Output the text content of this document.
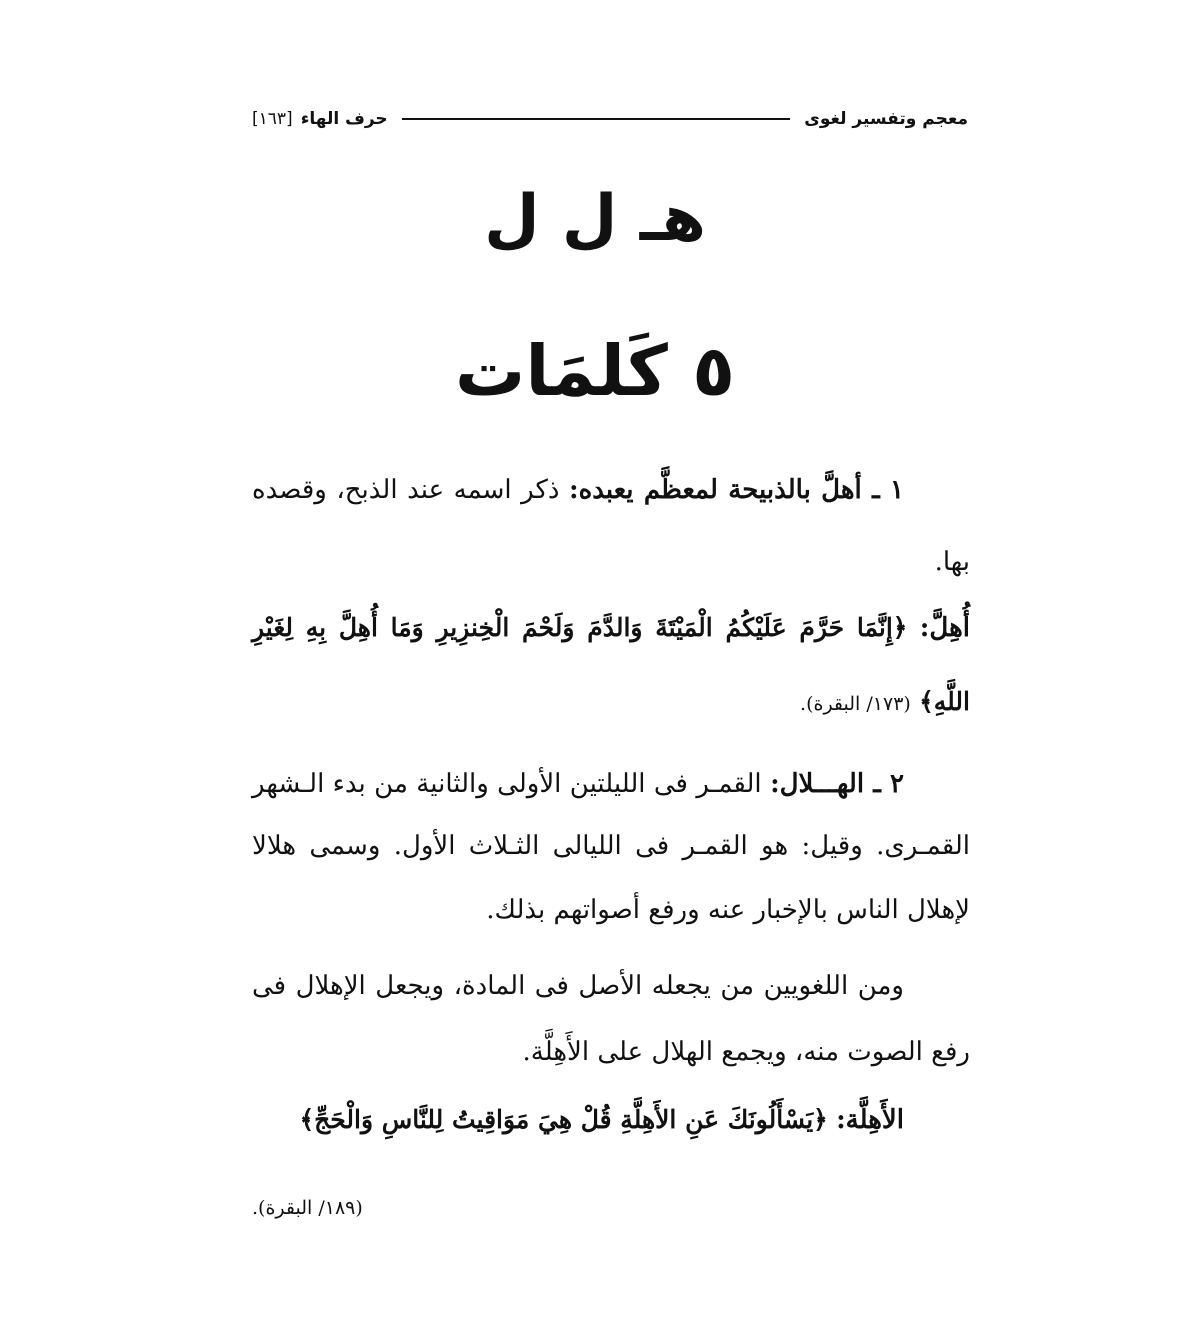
معجم وتفسير لغوى
حرف الهاء
[١٦٣]
هـ ل ل
٥ كَلمَات
١ ـ أهلَّ بالذبيحة لمعظَّم يعبده: ذكر اسمه عند الذبح، وقصده
بها.
أُهِلَّ: ﴿إِنَّمَا حَرَّمَ عَلَيْكُمُ الْمَيْتَةَ وَالدَّمَ وَلَحْمَ الْخِنزِيرِ وَمَا أُهِلَّ بِهِ لِغَيْرِ
اللَّهِ﴾ (١٧٣/ البقرة).
٢ ـ الهـــلال: القمـر فى الليلتين الأولى والثانية من بدء الـشهر
القمـرى. وقيل: هو القمـر فى الليالى الثـلاث الأول. وسمى هلالا
لإهلال الناس بالإخبار عنه ورفع أصواتهم بذلك.
ومن اللغويين من يجعله الأصل فى المادة، ويجعل الإهلال فى
رفع الصوت منه، ويجمع الهلال على الأَهِلَّة.
الأَهِلَّة: ﴿يَسْأَلُونَكَ عَنِ الأَهِلَّةِ قُلْ هِيَ مَوَاقِيتُ لِلنَّاسِ وَالْحَجِّ﴾
(١٨٩/ البقرة).
